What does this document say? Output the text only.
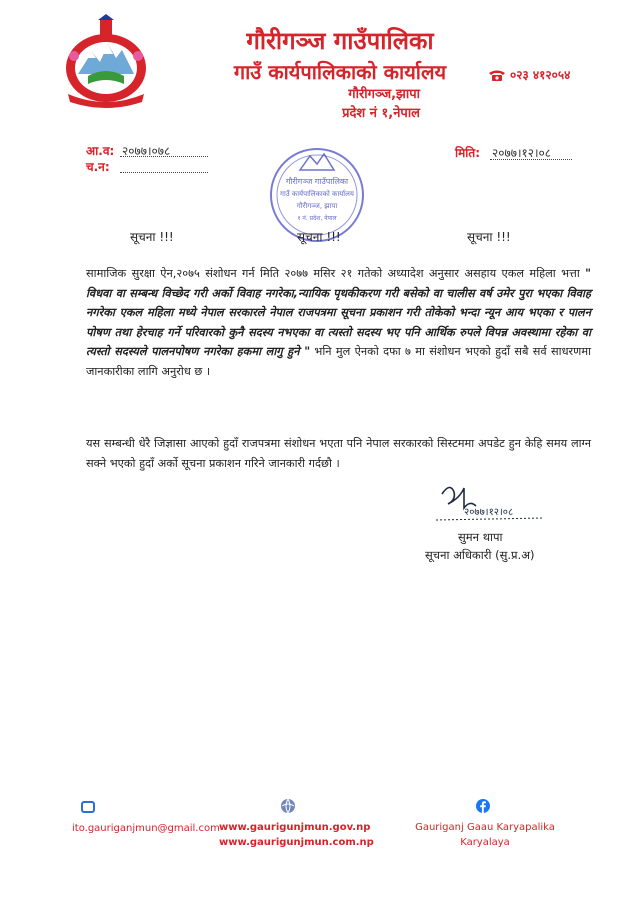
गौरीगञ्ज गाउँपालिका
गाउँ कार्यपालिकाको कार्यालय
गौरीगञ्ज,झापा
प्रदेश नं १,नेपाल
०२३ ४१२०५४
आ.व: २०७७।०७८
च.न:
मिति: २०७७।१२।०८
गौरीगञ्ज गाउँपालिका
गाउँ कार्यपालिकाको कार्यालय
गौरीगञ्ज, झापा
१ नं. प्रदेश, नेपाल
सूचना !!!	सूचना !!!	सूचना !!!
सामाजिक सुरक्षा ऐन,२०७५ संशोधन गर्न मिति २०७७ मसिर २१ गतेको अध्यादेश अनुसार असहाय एकल महिला भत्ता " विधवा वा सम्बन्ध विच्छेद गरी अर्को विवाह नगरेका,न्यायिक पृथकीकरण गरी बसेको वा चालीस वर्ष उमेर पुरा भएका विवाह नगरेका एकल महिला मध्ये नेपाल सरकारले नेपाल राजपत्रमा सूचना प्रकाशन गरी तोकेको भन्दा न्यून आय भएका र पालन पोषण तथा हेरचाह गर्ने परिवारको कुनै सदस्य नभएका वा त्यस्तो सदस्य भए पनि आर्थिक रुपले विपन्न अवस्थामा रहेका वा त्यस्तो सदस्यले पालनपोषण नगरेका हकमा लागु हुने " भनि मुल ऐनको दफा ७ मा संशोधन भएको हुदाँ सबै सर्व साधरणमा जानकारीका लागि अनुरोध छ ।
यस सम्बन्धी धेरै जिज्ञासा आएको हुदाँ राजपत्रमा संशोधन भएता पनि नेपाल सरकारको सिस्टममा अपडेट हुन केहि समय लाग्न सक्ने भएको हुदाँ अर्को सूचना प्रकाशन गरिने जानकारी गर्दछौ ।
२०७७।१२।०८
सुमन थापा
सूचना अधिकारी (सु.प्र.अ)
ito.gauriganjmun@gmail.com www.gaurigunjmun.gov.np
www.gaurigunjmun.com.np
Gauriganj Gaau Karyapalika
Karyalaya
